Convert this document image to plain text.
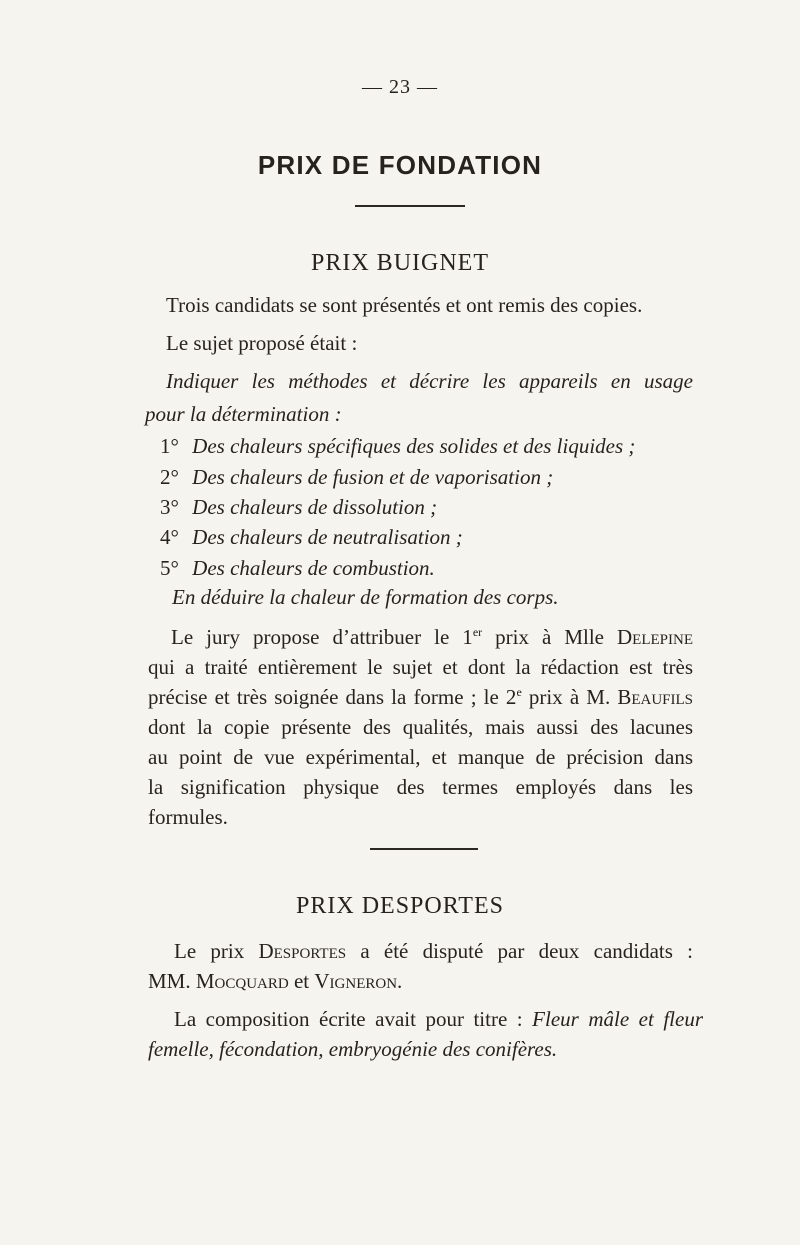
— 23 —
PRIX DE FONDATION
PRIX BUIGNET
Trois candidats se sont présentés et ont remis des copies.
Le sujet proposé était :
Indiquer les méthodes et décrire les appareils en usage
pour la détermination :
1° Des chaleurs spécifiques des solides et des liquides ;
2° Des chaleurs de fusion et de vaporisation ;
3° Des chaleurs de dissolution ;
4° Des chaleurs de neutralisation ;
5° Des chaleurs de combustion.
En déduire la chaleur de formation des corps.
Le jury propose d’attribuer le 1er prix à Mlle Delepine
qui a traité entièrement le sujet et dont la rédaction est très
précise et très soignée dans la forme ; le 2e prix à M. Beaufils
dont la copie présente des qualités, mais aussi des lacunes
au point de vue expérimental, et manque de précision dans
la signification physique des termes employés dans les
formules.
PRIX DESPORTES
Le prix Desportes a été disputé par deux candidats :
MM. Mocquard et Vigneron.
La composition écrite avait pour titre : Fleur mâle et fleur
femelle, fécondation, embryogénie des conifères.
